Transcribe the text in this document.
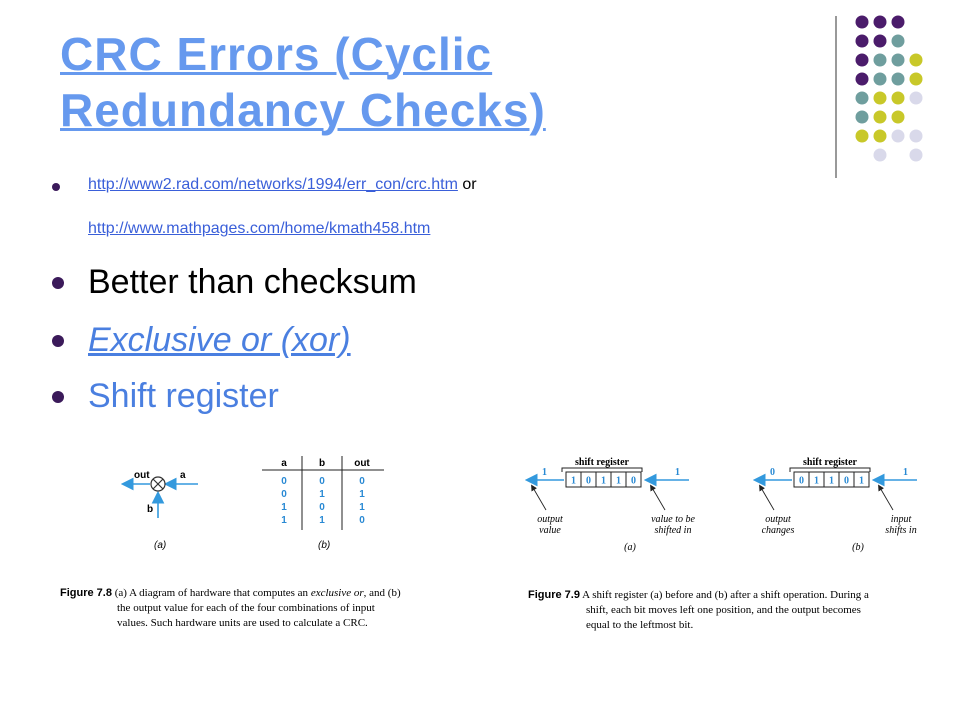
CRC Errors (Cyclic
Redundancy Checks)
http://www2.rad.com/networks/1994/err_con/crc.htm or
http://www.mathpages.com/home/kmath458.htm
Better than checksum
Exclusive or (xor)
Shift register
out	a
b
(a)
a	b	out
0	0	0
0	1	1
1	0	1
1	1	0
(b)
shift register
1 0 1 1 0
1	1
output
value
value to be
shifted in
(a)
shift register
0 1 1 0 1
0	1
output
changes
input
shifts in
(b)
Figure 7.8 (a) A diagram of hardware that computes an exclusive or, and (b)
the output value for each of the four combinations of input
values. Such hardware units are used to calculate a CRC.
Figure 7.9 A shift register (a) before and (b) after a shift operation. During a
shift, each bit moves left one position, and the output becomes
equal to the leftmost bit.
